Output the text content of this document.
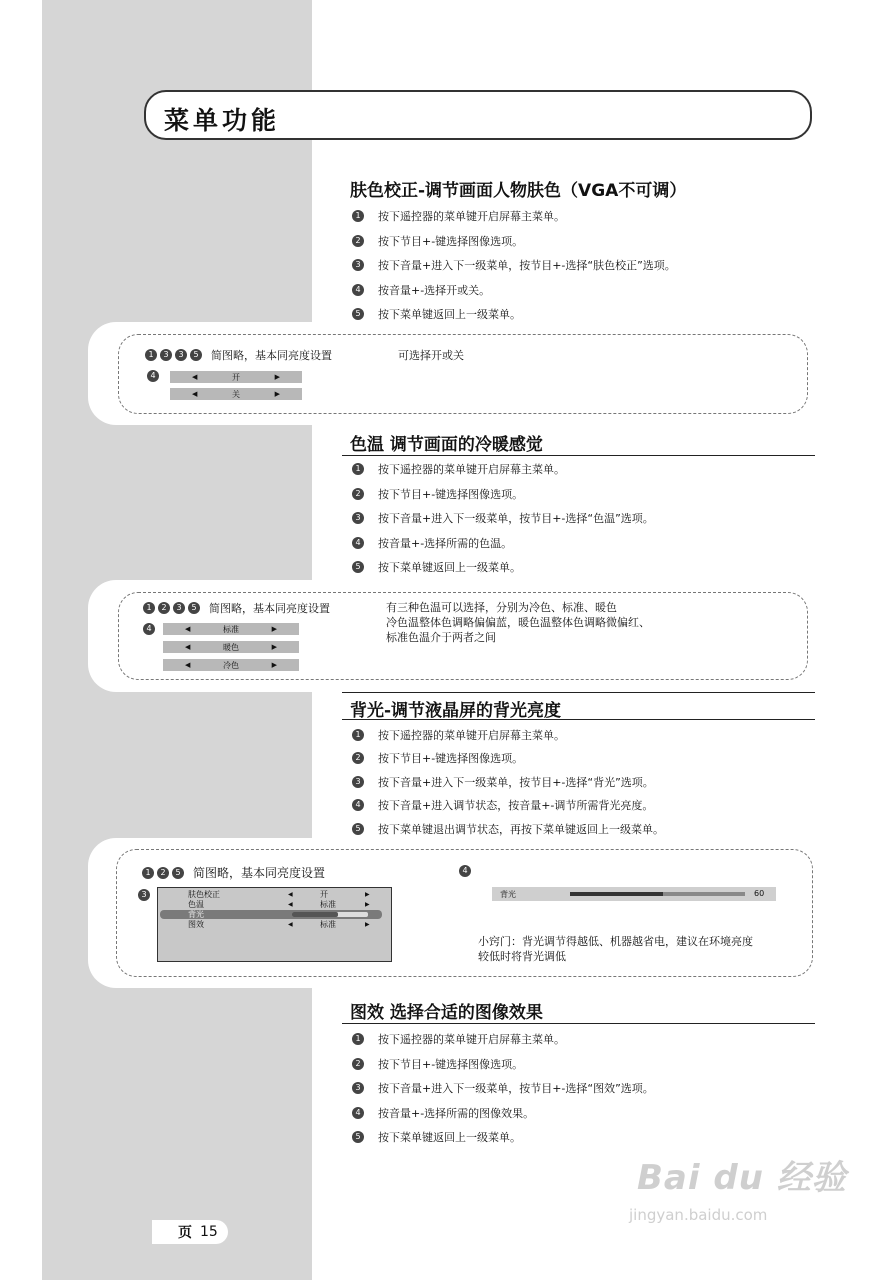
菜单功能
肤色校正-调节画面人物肤色（VGA不可调）
1	按下遥控器的菜单键开启屏幕主菜单。
2	按下节目+-键选择图像选项。
3	按下音量+进入下一级菜单，按节目+-选择“肤色校正”选项。
4	按音量+-选择开或关。
5	按下菜单键返回上一级菜单。
1	3	3	5	简图略，基本同亮度设置	可选择开或关
4	◀	开	▶
◀	关	▶
色温 调节画面的冷暖感觉
1	按下遥控器的菜单键开启屏幕主菜单。
2	按下节目+-键选择图像选项。
3	按下音量+进入下一级菜单，按节目+-选择“色温”选项。
4	按音量+-选择所需的色温。
5	按下菜单键返回上一级菜单。
1	2	3	5	简图略，基本同亮度设置	有三种色温可以选择，分别为冷色、标准、暖色
冷色温整体色调略偏偏蓝，暖色温整体色调略微偏红、
标准色温介于两者之间
4	◀	标准	▶
◀	暖色	▶
◀	冷色	▶
背光-调节液晶屏的背光亮度
1	按下遥控器的菜单键开启屏幕主菜单。
2	按下节目+-键选择图像选项。
3	按下音量+进入下一级菜单，按节目+-选择“背光”选项。
4	按下音量+进入调节状态，按音量+-调节所需背光亮度。
5	按下菜单键退出调节状态，再按下菜单键返回上一级菜单。
1	2	5 简图略，基本同亮度设置	4
3	肤色校正	◀	开	▶
色温	◀	标准	▶
背光
图效	◀	标准	▶
背光	60
小窍门：背光调节得越低、机器越省电，建议在环境亮度
较低时将背光调低
图效 选择合适的图像效果
1	按下遥控器的菜单键开启屏幕主菜单。
2	按下节目+-键选择图像选项。
3	按下音量+进入下一级菜单，按节目+-选择“图效”选项。
4	按音量+-选择所需的图像效果。
5	按下菜单键返回上一级菜单。
页 15
Bai du 经验
jingyan.baidu.com
